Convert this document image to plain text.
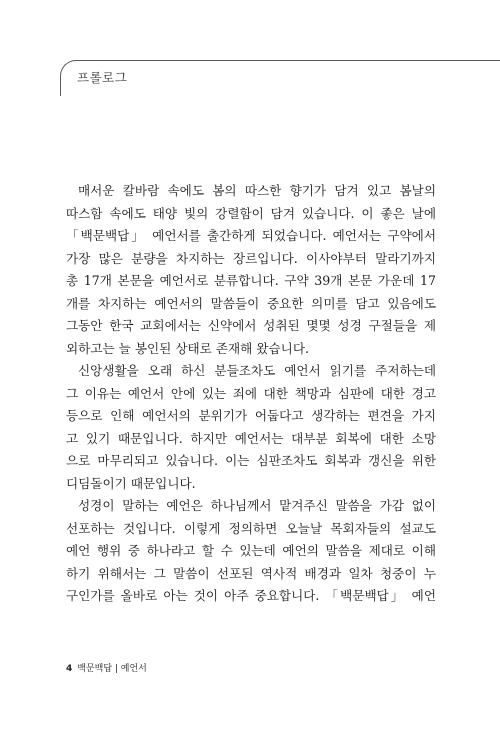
프롤로그

매서운 칼바람 속에도 봄의 따스한 향기가 담겨 있고 봄날의
따스함 속에도 태양 빛의 강렬함이 담겨 있습니다. 이 좋은 날에
「백문백답」 예언서를 출간하게 되었습니다. 예언서는 구약에서
가장 많은 분량을 차지하는 장르입니다. 이사야부터 말라기까지
총 17개 본문을 예언서로 분류합니다. 구약 39개 본문 가운데 17
개를 차지하는 예언서의 말씀들이 중요한 의미를 담고 있음에도
그동안 한국 교회에서는 신약에서 성취된 몇몇 성경 구절들을 제
외하고는 늘 봉인된 상태로 존재해 왔습니다.

신앙생활을 오래 하신 분들조차도 예언서 읽기를 주저하는데
그 이유는 예언서 안에 있는 죄에 대한 책망과 심판에 대한 경고
등으로 인해 예언서의 분위기가 어둡다고 생각하는 편견을 가지
고 있기 때문입니다. 하지만 예언서는 대부분 회복에 대한 소망
으로 마무리되고 있습니다. 이는 심판조차도 회복과 갱신을 위한
디딤돌이기 때문입니다.

성경이 말하는 예언은 하나님께서 맡겨주신 말씀을 가감 없이
선포하는 것입니다. 이렇게 정의하면 오늘날 목회자들의 설교도
예언 행위 중 하나라고 할 수 있는데 예언의 말씀을 제대로 이해
하기 위해서는 그 말씀이 선포된 역사적 배경과 일차 청중이 누
구인가를 올바로 아는 것이 아주 중요합니다. 「백문백답」 예언

4 백문백답 | 예언서
